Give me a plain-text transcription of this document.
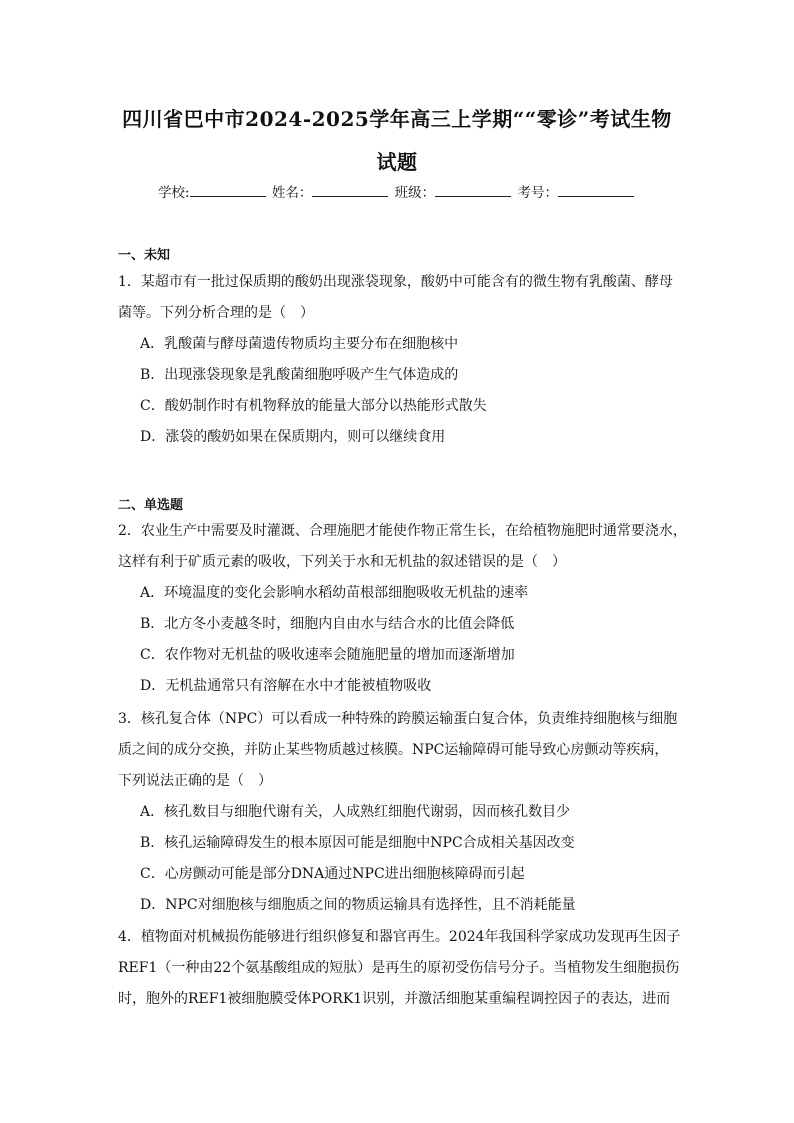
四川省巴中市2024-2025学年高三上学期““零诊”考试生物
试题
学校:	姓名：	班级：	考号：
一、未知
1．某超市有一批过保质期的酸奶出现涨袋现象，酸奶中可能含有的微生物有乳酸菌、酵母
菌等。下列分析合理的是（　）
A．乳酸菌与酵母菌遗传物质均主要分布在细胞核中
B．出现涨袋现象是乳酸菌细胞呼吸产生气体造成的
C．酸奶制作时有机物释放的能量大部分以热能形式散失
D．涨袋的酸奶如果在保质期内，则可以继续食用
二、单选题
2．农业生产中需要及时灌溉、合理施肥才能使作物正常生长，在给植物施肥时通常要浇水，
这样有利于矿质元素的吸收，下列关于水和无机盐的叙述错误的是（　）
A．环境温度的变化会影响水稻幼苗根部细胞吸收无机盐的速率
B．北方冬小麦越冬时，细胞内自由水与结合水的比值会降低
C．农作物对无机盐的吸收速率会随施肥量的增加而逐渐增加
D．无机盐通常只有溶解在水中才能被植物吸收
3．核孔复合体（NPC）可以看成一种特殊的跨膜运输蛋白复合体，负责维持细胞核与细胞
质之间的成分交换，并防止某些物质越过核膜。NPC运输障碍可能导致心房颤动等疾病，
下列说法正确的是（　）
A．核孔数目与细胞代谢有关，人成熟红细胞代谢弱，因而核孔数目少
B．核孔运输障碍发生的根本原因可能是细胞中NPC合成相关基因改变
C．心房颤动可能是部分DNA通过NPC进出细胞核障碍而引起
D．NPC对细胞核与细胞质之间的物质运输具有选择性，且不消耗能量
4．植物面对机械损伤能够进行组织修复和器官再生。2024年我国科学家成功发现再生因子
REF1（一种由22个氨基酸组成的短肽）是再生的原初受伤信号分子。当植物发生细胞损伤
时，胞外的REF1被细胞膜受体PORK1识别，并激活细胞某重编程调控因子的表达，进而
